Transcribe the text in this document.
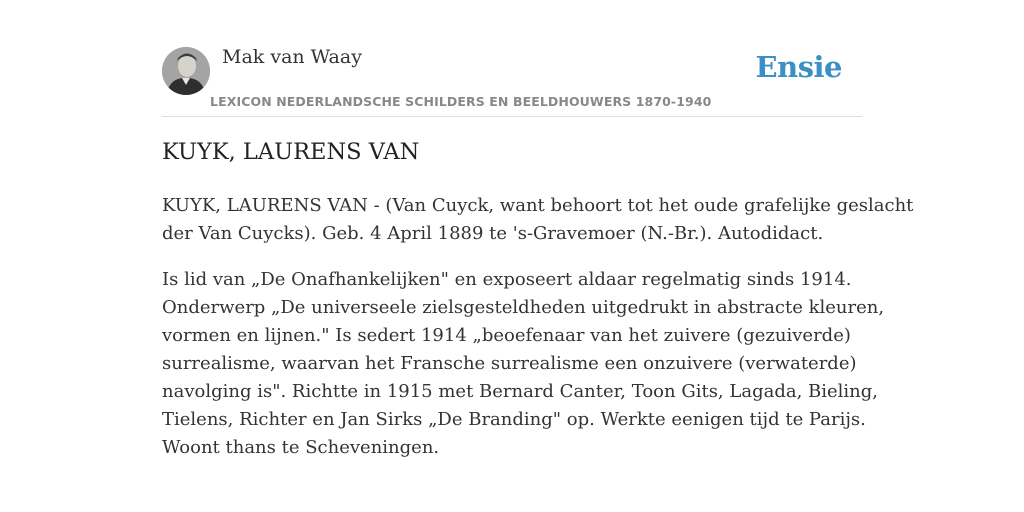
Mak van Waay	Ensie
LEXICON NEDERLANDSCHE SCHILDERS EN BEELDHOUWERS 1870-1940
KUYK, LAURENS VAN

KUYK, LAURENS VAN - (Van Cuyck, want behoort tot het oude grafelijke geslacht
der Van Cuycks). Geb. 4 April 1889 te 's-Gravemoer (N.-Br.). Autodidact.

Is lid van „De Onafhankelijken" en exposeert aldaar regelmatig sinds 1914.
Onderwerp „De universeele zielsgesteldheden uitgedrukt in abstracte kleuren,
vormen en lijnen." Is sedert 1914 „beoefenaar van het zuivere (gezuiverde)
surrealisme, waarvan het Fransche surrealisme een onzuivere (verwaterde)
navolging is". Richtte in 1915 met Bernard Canter, Toon Gits, Lagada, Bieling,
Tielens, Richter en Jan Sirks „De Branding" op. Werkte eenigen tijd te Parijs.
Woont thans te Scheveningen.
